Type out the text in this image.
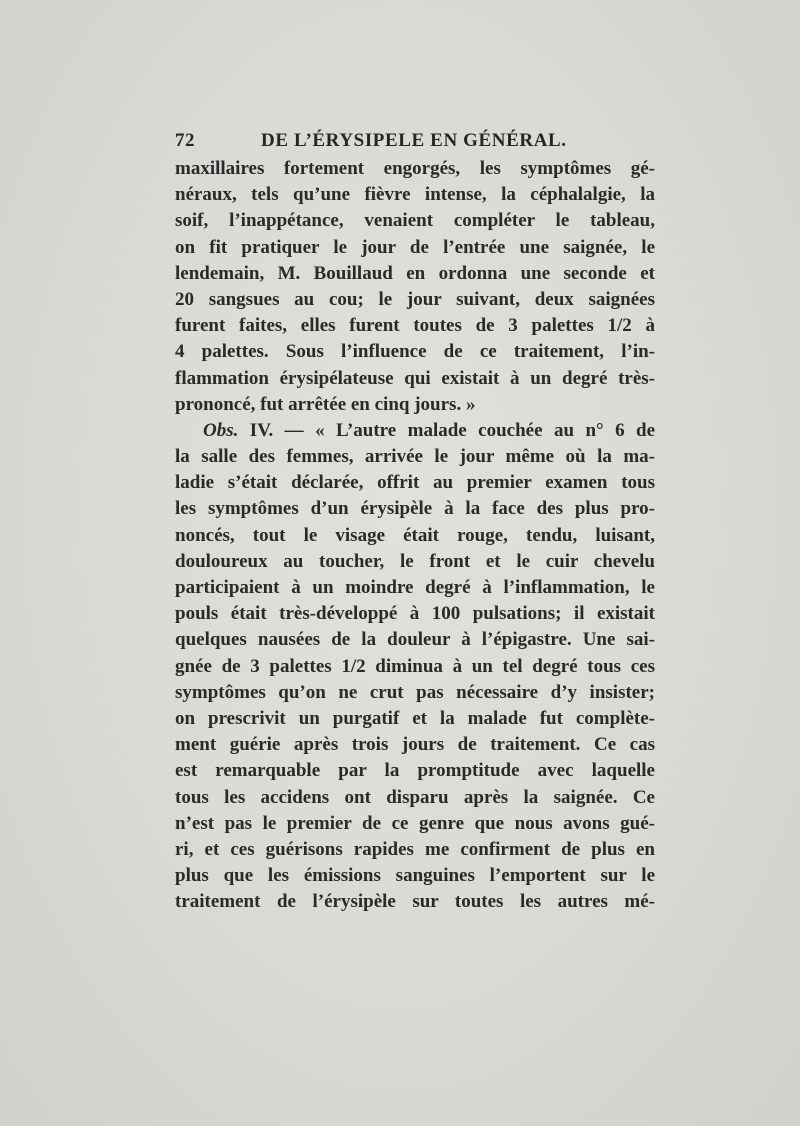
72	DE L’ÉRYSIPELE EN GÉNÉRAL.
maxillaires fortement engorgés, les symptômes gé-
néraux, tels qu’une fièvre intense, la céphalalgie, la
soif, l’inappétance, venaient compléter le tableau,
on fit pratiquer le jour de l’entrée une saignée, le
lendemain, M. Bouillaud en ordonna une seconde et
20 sangsues au cou; le jour suivant, deux saignées
furent faites, elles furent toutes de 3 palettes 1/2 à
4 palettes. Sous l’influence de ce traitement, l’in-
flammation érysipélateuse qui existait à un degré très-
prononcé, fut arrêtée en cinq jours. »
Obs. IV. — « L’autre malade couchée au n° 6 de
la salle des femmes, arrivée le jour même où la ma-
ladie s’était déclarée, offrit au premier examen tous
les symptômes d’un érysipèle à la face des plus pro-
noncés, tout le visage était rouge, tendu, luisant,
douloureux au toucher, le front et le cuir chevelu
participaient à un moindre degré à l’inflammation, le
pouls était très-développé à 100 pulsations; il existait
quelques nausées de la douleur à l’épigastre. Une sai-
gnée de 3 palettes 1/2 diminua à un tel degré tous ces
symptômes qu’on ne crut pas nécessaire d’y insister;
on prescrivit un purgatif et la malade fut complète-
ment guérie après trois jours de traitement. Ce cas
est remarquable par la promptitude avec laquelle
tous les accidens ont disparu après la saignée. Ce
n’est pas le premier de ce genre que nous avons gué-
ri, et ces guérisons rapides me confirment de plus en
plus que les émissions sanguines l’emportent sur le
traitement de l’érysipèle sur toutes les autres mé-
